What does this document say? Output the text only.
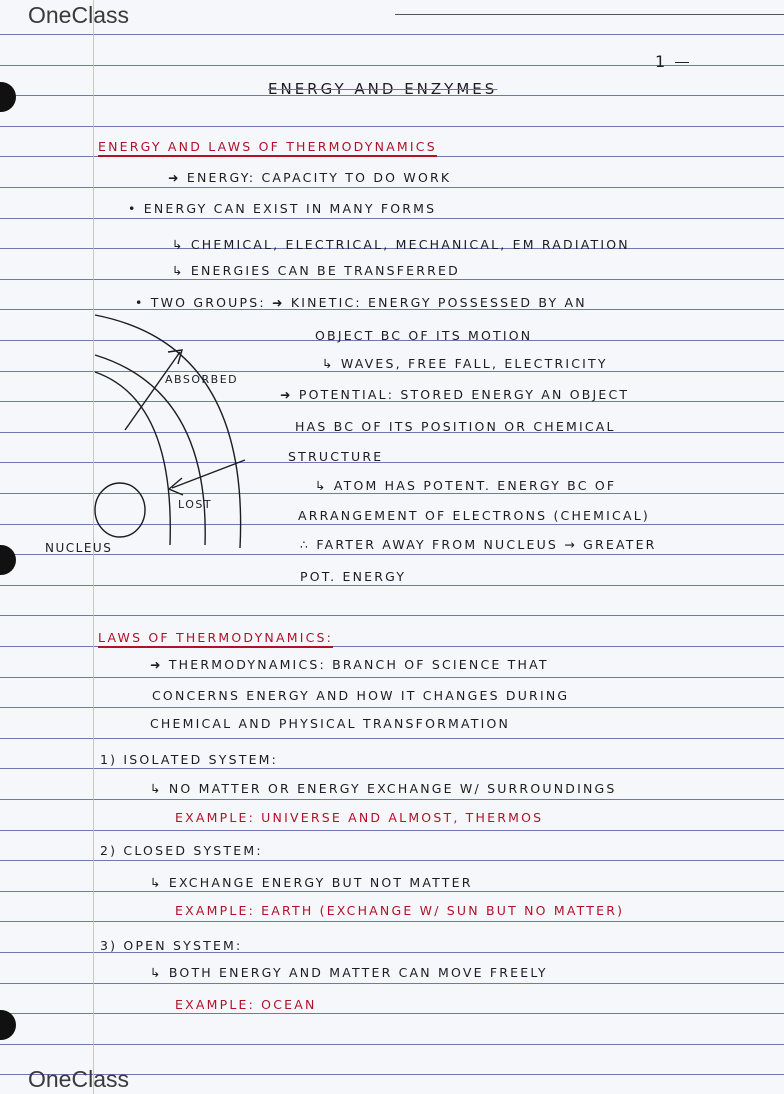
OneClass
OneClass
1
ENERGY AND ENZYMES
ENERGY AND LAWS OF THERMODYNAMICS
➜ ENERGY: CAPACITY TO DO WORK
• ENERGY CAN EXIST IN MANY FORMS
↳ CHEMICAL, ELECTRICAL, MECHANICAL, EM RADIATION
↳ ENERGIES CAN BE TRANSFERRED
• TWO GROUPS: ➜ KINETIC: ENERGY POSSESSED BY AN
OBJECT BC OF ITS MOTION
↳ WAVES, FREE FALL, ELECTRICITY
➜ POTENTIAL: STORED ENERGY AN OBJECT
HAS BC OF ITS POSITION OR CHEMICAL
STRUCTURE
↳ ATOM HAS POTENT. ENERGY BC OF
ARRANGEMENT OF ELECTRONS (CHEMICAL)
∴ FARTER AWAY FROM NUCLEUS → GREATER
POT. ENERGY
ABSORBED
LOST
NUCLEUS
LAWS OF THERMODYNAMICS:
➜ THERMODYNAMICS: BRANCH OF SCIENCE THAT
CONCERNS ENERGY AND HOW IT CHANGES DURING
CHEMICAL AND PHYSICAL TRANSFORMATION
1) ISOLATED SYSTEM:
↳ NO MATTER OR ENERGY EXCHANGE W/ SURROUNDINGS
EXAMPLE: UNIVERSE AND ALMOST, THERMOS
2) CLOSED SYSTEM:
↳ EXCHANGE ENERGY BUT NOT MATTER
EXAMPLE: EARTH (EXCHANGE W/ SUN BUT NO MATTER)
3) OPEN SYSTEM:
↳ BOTH ENERGY AND MATTER CAN MOVE FREELY
EXAMPLE: OCEAN
